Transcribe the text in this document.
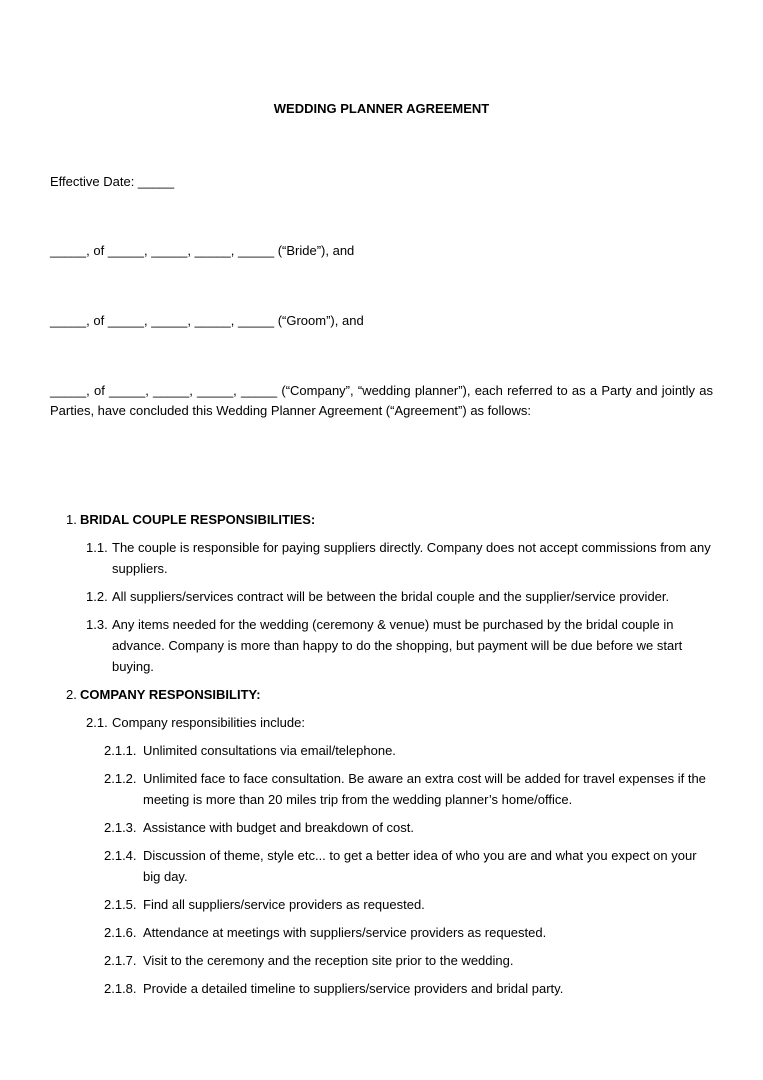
WEDDING PLANNER AGREEMENT
Effective Date: _____
_____, of _____, _____, _____, _____ (“Bride”), and
_____, of _____, _____, _____, _____ (“Groom”), and
_____, of _____, _____, _____, _____ (“Company”, “wedding planner”), each referred to as a Party and jointly as Parties, have concluded this Wedding Planner Agreement (“Agreement”) as follows:
1. BRIDAL COUPLE RESPONSIBILITIES:
1.1. The couple is responsible for paying suppliers directly. Company does not accept commissions from any suppliers.
1.2. All suppliers/services contract will be between the bridal couple and the supplier/service provider.
1.3. Any items needed for the wedding (ceremony & venue) must be purchased by the bridal couple in advance. Company is more than happy to do the shopping, but payment will be due before we start buying.
2. COMPANY RESPONSIBILITY:
2.1. Company responsibilities include:
2.1.1. Unlimited consultations via email/telephone.
2.1.2. Unlimited face to face consultation. Be aware an extra cost will be added for travel expenses if the meeting is more than 20 miles trip from the wedding planner’s home/office.
2.1.3. Assistance with budget and breakdown of cost.
2.1.4. Discussion of theme, style etc... to get a better idea of who you are and what you expect on your big day.
2.1.5. Find all suppliers/service providers as requested.
2.1.6. Attendance at meetings with suppliers/service providers as requested.
2.1.7. Visit to the ceremony and the reception site prior to the wedding.
2.1.8. Provide a detailed timeline to suppliers/service providers and bridal party.
